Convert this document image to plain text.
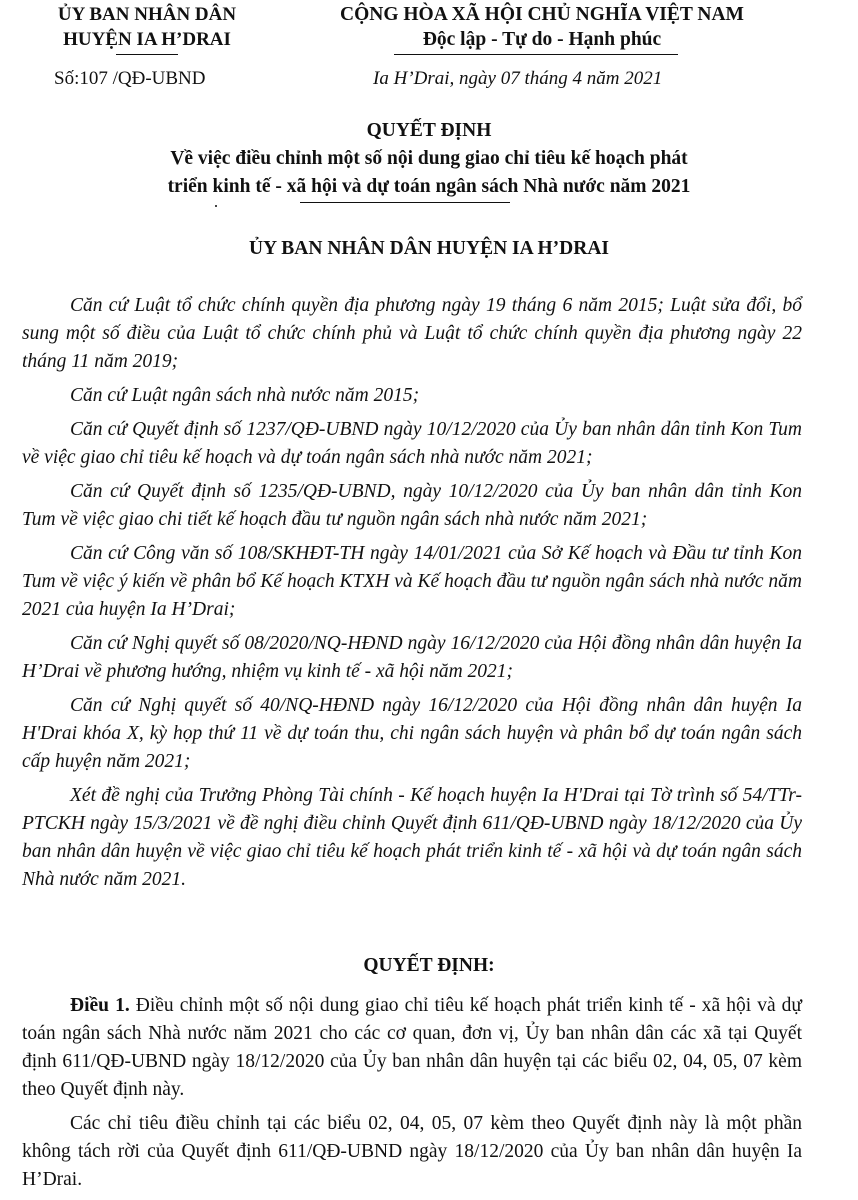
ỦY BAN NHÂN DÂN
HUYỆN IA H’DRAI
CỘNG HÒA XÃ HỘI CHỦ NGHĨA VIỆT NAM
Độc lập - Tự do - Hạnh phúc
Số:107 /QĐ-UBND	Ia H’Drai, ngày 07 tháng 4 năm 2021
QUYẾT ĐỊNH
Về việc điều chỉnh một số nội dung giao chỉ tiêu kế hoạch phát
triển kinh tế - xã hội và dự toán ngân sách Nhà nước năm 2021
ỦY BAN NHÂN DÂN HUYỆN IA H’DRAI

Căn cứ Luật tổ chức chính quyền địa phương ngày 19 tháng 6 năm 2015; Luật sửa đổi, bổ sung một số điều của Luật tổ chức chính phủ và Luật tổ chức chính quyền địa phương ngày 22 tháng 11 năm 2019;

Căn cứ Luật ngân sách nhà nước năm 2015;

Căn cứ Quyết định số 1237/QĐ-UBND ngày 10/12/2020 của Ủy ban nhân dân tỉnh Kon Tum về việc giao chỉ tiêu kế hoạch và dự toán ngân sách nhà nước năm 2021;

Căn cứ Quyết định số 1235/QĐ-UBND, ngày 10/12/2020 của Ủy ban nhân dân tỉnh Kon Tum về việc giao chi tiết kế hoạch đầu tư nguồn ngân sách nhà nước năm 2021;

Căn cứ Công văn số 108/SKHĐT-TH ngày 14/01/2021 của Sở Kế hoạch và Đầu tư tỉnh Kon Tum về việc ý kiến về phân bổ Kế hoạch KTXH và Kế hoạch đầu tư nguồn ngân sách nhà nước năm 2021 của huyện Ia H’Drai;

Căn cứ Nghị quyết số 08/2020/NQ-HĐND ngày 16/12/2020 của Hội đồng nhân dân huyện Ia H’Drai về phương hướng, nhiệm vụ kinh tế - xã hội năm 2021;

Căn cứ Nghị quyết số 40/NQ-HĐND ngày 16/12/2020 của Hội đồng nhân dân huyện Ia H'Drai khóa X, kỳ họp thứ 11 về dự toán thu, chi ngân sách huyện và phân bổ dự toán ngân sách cấp huyện năm 2021;

Xét đề nghị của Trưởng Phòng Tài chính - Kế hoạch huyện Ia H'Drai tại Tờ trình số 54/TTr-PTCKH ngày 15/3/2021 về đề nghị điều chỉnh Quyết định 611/QĐ-UBND ngày 18/12/2020 của Ủy ban nhân dân huyện về việc giao chỉ tiêu kế hoạch phát triển kinh tế - xã hội và dự toán ngân sách Nhà nước năm 2021.

QUYẾT ĐỊNH:

Điều 1. Điều chỉnh một số nội dung giao chỉ tiêu kế hoạch phát triển kinh tế - xã hội và dự toán ngân sách Nhà nước năm 2021 cho các cơ quan, đơn vị, Ủy ban nhân dân các xã tại Quyết định 611/QĐ-UBND ngày 18/12/2020 của Ủy ban nhân dân huyện tại các biểu 02, 04, 05, 07 kèm theo Quyết định này.

Các chỉ tiêu điều chỉnh tại các biểu 02, 04, 05, 07 kèm theo Quyết định này là một phần không tách rời của Quyết định 611/QĐ-UBND ngày 18/12/2020 của Ủy ban nhân dân huyện Ia H’Drai.
